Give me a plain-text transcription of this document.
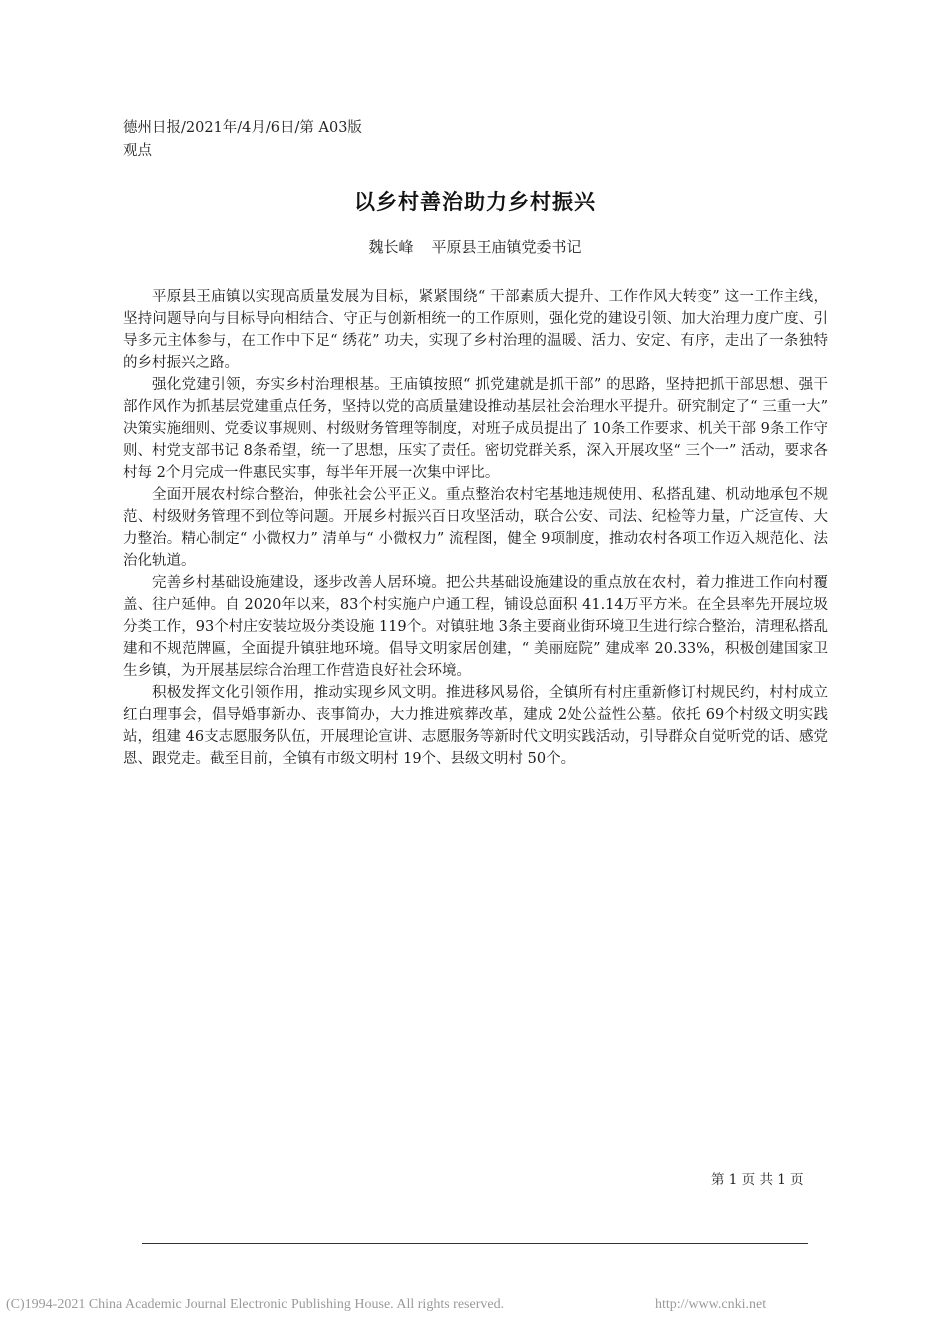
德州日报/2021年/4月/6日/第 A03版观点
以乡村善治助力乡村振兴
魏长峰 平原县王庙镇党委书记

平原县王庙镇以实现高质量发展为目标，紧紧围绕“ 干部素质大提升、工作作风大转变” 这一工作主线，坚持问题导向与目标导向相结合、守正与创新相统一的工作原则，强化党的建设引领、加大治理力度广度、引导多元主体参与，在工作中下足“ 绣花” 功夫，实现了乡村治理的温暖、活力、安定、有序，走出了一条独特的乡村振兴之路。

强化党建引领，夯实乡村治理根基。王庙镇按照“ 抓党建就是抓干部” 的思路，坚持把抓干部思想、强干部作风作为抓基层党建重点任务，坚持以党的高质量建设推动基层社会治理水平提升。研究制定了“ 三重一大” 决策实施细则、党委议事规则、村级财务管理等制度，对班子成员提出了 10条工作要求、机关干部 9条工作守则、村党支部书记 8条希望，统一了思想，压实了责任。密切党群关系，深入开展攻坚“ 三个一” 活动，要求各村每 2个月完成一件惠民实事，每半年开展一次集中评比。

全面开展农村综合整治，伸张社会公平正义。重点整治农村宅基地违规使用、私搭乱建、机动地承包不规范、村级财务管理不到位等问题。开展乡村振兴百日攻坚活动，联合公安、司法、纪检等力量，广泛宣传、大力整治。精心制定“ 小微权力” 清单与“ 小微权力” 流程图，健全 9项制度，推动农村各项工作迈入规范化、法治化轨道。

完善乡村基础设施建设，逐步改善人居环境。把公共基础设施建设的重点放在农村，着力推进工作向村覆盖、往户延伸。自 2020年以来，83个村实施户户通工程，铺设总面积 41.14万平方米。在全县率先开展垃圾分类工作，93个村庄安装垃圾分类设施 119个。对镇驻地 3条主要商业街环境卫生进行综合整治，清理私搭乱建和不规范牌匾，全面提升镇驻地环境。倡导文明家居创建，“ 美丽庭院” 建成率 20.33%，积极创建国家卫生乡镇，为开展基层综合治理工作营造良好社会环境。

积极发挥文化引领作用，推动实现乡风文明。推进移风易俗，全镇所有村庄重新修订村规民约，村村成立红白理事会，倡导婚事新办、丧事简办，大力推进殡葬改革，建成 2处公益性公墓。依托 69个村级文明实践站，组建 46支志愿服务队伍，开展理论宣讲、志愿服务等新时代文明实践活动，引导群众自觉听党的话、感党恩、跟党走。截至目前，全镇有市级文明村 19个、县级文明村 50个。

第 1 页 共 1 页
(C)1994-2021 China Academic Journal Electronic Publishing House. All rights reserved.	http://www.cnki.net
